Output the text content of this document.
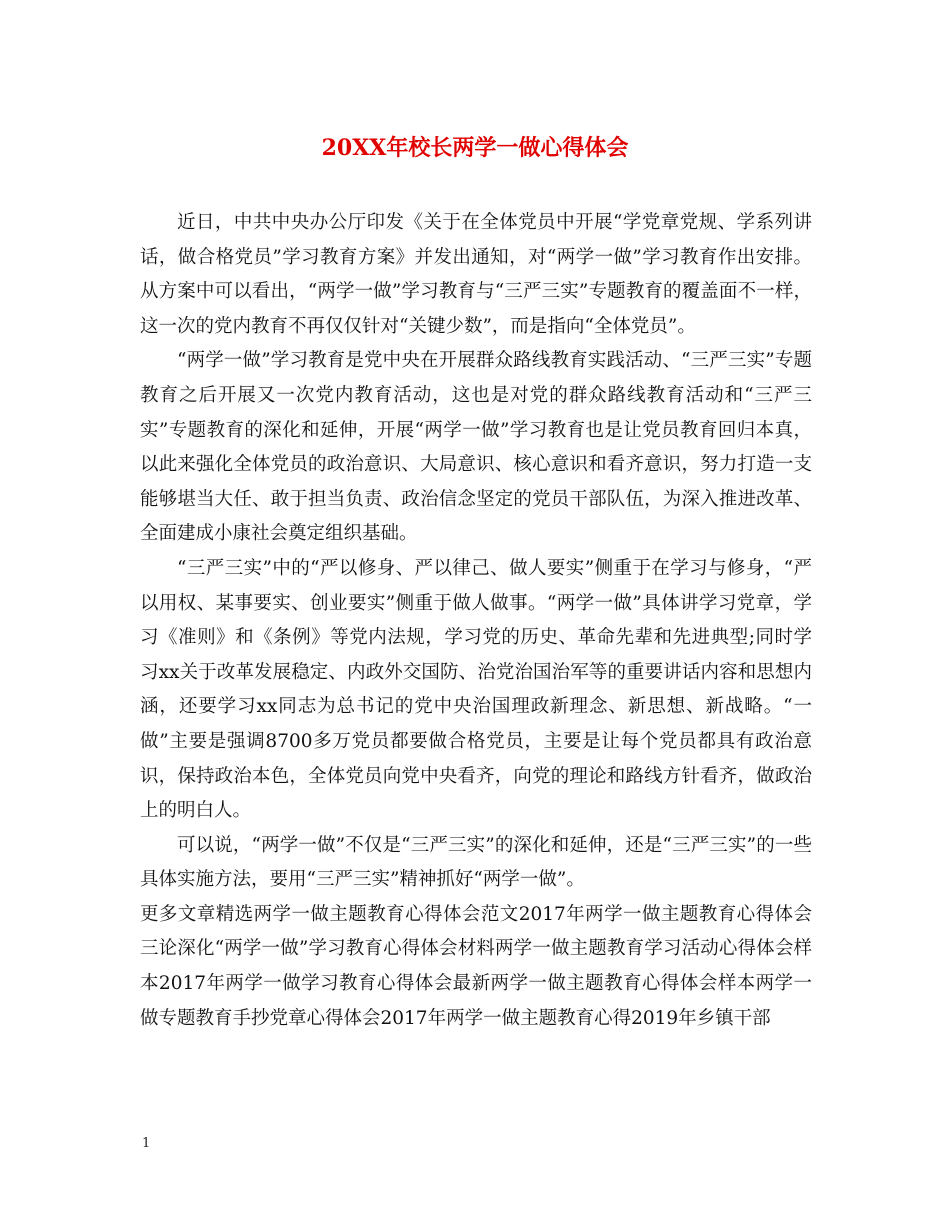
20XX年校长两学一做心得体会

近日，中共中央办公厅印发《关于在全体党员中开展“学党章党规、学系列讲话，做合格党员”学习教育方案》并发出通知，对“两学一做”学习教育作出安排。从方案中可以看出，“两学一做”学习教育与“三严三实”专题教育的覆盖面不一样，这一次的党内教育不再仅仅针对“关键少数”，而是指向“全体党员”。

“两学一做”学习教育是党中央在开展群众路线教育实践活动、“三严三实”专题教育之后开展又一次党内教育活动，这也是对党的群众路线教育活动和“三严三实”专题教育的深化和延伸，开展“两学一做”学习教育也是让党员教育回归本真，以此来强化全体党员的政治意识、大局意识、核心意识和看齐意识，努力打造一支能够堪当大任、敢于担当负责、政治信念坚定的党员干部队伍，为深入推进改革、全面建成小康社会奠定组织基础。

“三严三实”中的“严以修身、严以律己、做人要实”侧重于在学习与修身，“严以用权、某事要实、创业要实”侧重于做人做事。“两学一做”具体讲学习党章，学习《准则》和《条例》等党内法规，学习党的历史、革命先辈和先进典型;同时学习xx关于改革发展稳定、内政外交国防、治党治国治军等的重要讲话内容和思想内涵，还要学习xx同志为总书记的党中央治国理政新理念、新思想、新战略。“一做”主要是强调8700多万党员都要做合格党员，主要是让每个党员都具有政治意识，保持政治本色，全体党员向党中央看齐，向党的理论和路线方针看齐，做政治上的明白人。

可以说，“两学一做”不仅是“三严三实”的深化和延伸，还是“三严三实”的一些具体实施方法，要用“三严三实”精神抓好“两学一做”。

更多文章精选两学一做主题教育心得体会范文2017年两学一做主题教育心得体会三论深化“两学一做”学习教育心得体会材料两学一做主题教育学习活动心得体会样本2017年两学一做学习教育心得体会最新两学一做主题教育心得体会样本两学一做专题教育手抄党章心得体会2017年两学一做主题教育心得2019年乡镇干部

1
